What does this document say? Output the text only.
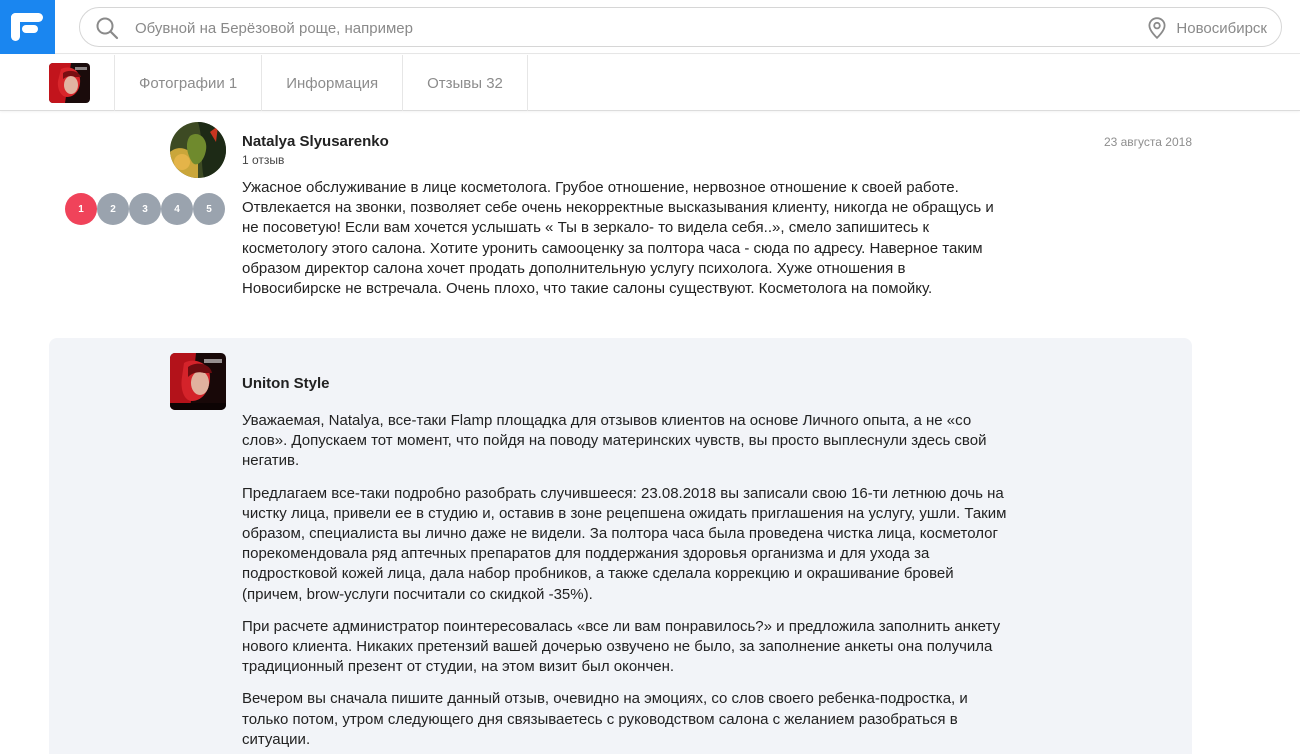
Обувной на Берёзовой роще, например
Новосибирск
Фотографии 1	Информация	Отзывы 32
Natalya Slyusarenko
1 отзыв
23 августа 2018
1	2	3	4	5
Ужасное обслуживание в лице косметолога. Грубое отношение, нервозное отношение к своей работе. Отвлекается на звонки, позволяет себе очень некорректные высказывания клиенту, никогда не обращусь и не посоветую! Если вам хочется услышать « Ты в зеркало- то видела себя..», смело запишитесь к косметологу этого салона. Хотите уронить самооценку за полтора часа - сюда по адресу. Наверное таким образом директор салона хочет продать дополнительную услугу психолога. Хуже отношения в Новосибирске не встречала. Очень плохо, что такие салоны существуют. Косметолога на помойку.
Uniton Style

Уважаемая, Natalya, все-таки Flamp площадка для отзывов клиентов на основе Личного опыта, а не «со слов». Допускаем тот момент, что пойдя на поводу материнских чувств, вы просто выплеснули здесь свой негатив.

Предлагаем все-таки подробно разобрать случившееся: 23.08.2018 вы записали свою 16-ти летнюю дочь на чистку лица, привели ее в студию и, оставив в зоне рецепшена ожидать приглашения на услугу, ушли. Таким образом, специалиста вы лично даже не видели. За полтора часа была проведена чистка лица, косметолог порекомендовала ряд аптечных препаратов для поддержания здоровья организма и для ухода за подростковой кожей лица, дала набор пробников, а также сделала коррекцию и окрашивание бровей (причем, brow-услуги посчитали со скидкой -35%).

При расчете администратор поинтересовалась «все ли вам понравилось?» и предложила заполнить анкету нового клиента. Никаких претензий вашей дочерью озвучено не было, за заполнение анкеты она получила традиционный презент от студии, на этом визит был окончен.

Вечером вы сначала пишите данный отзыв, очевидно на эмоциях, со слов своего ребенка-подростка, и только потом, утром следующего дня связываетесь с руководством салона с желанием разобраться в ситуации.
